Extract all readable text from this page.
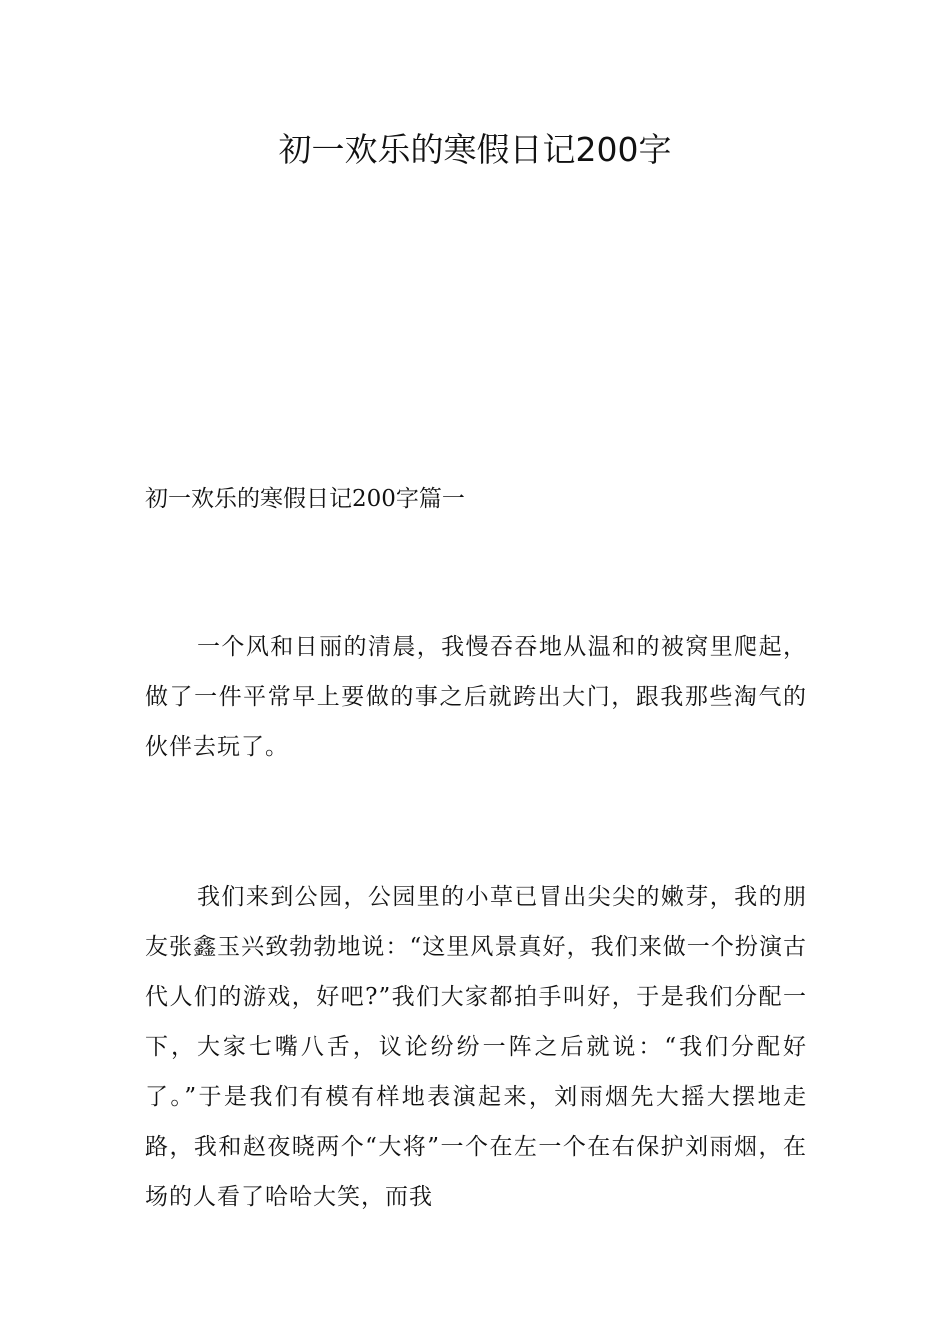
初一欢乐的寒假日记200字

初一欢乐的寒假日记200字篇一

一个风和日丽的清晨，我慢吞吞地从温和的被窝里爬起，做了一件平常早上要做的事之后就跨出大门，跟我那些淘气的伙伴去玩了。

我们来到公园，公园里的小草已冒出尖尖的嫩芽，我的朋友张鑫玉兴致勃勃地说：“这里风景真好，我们来做一个扮演古代人们的游戏，好吧?”我们大家都拍手叫好，于是我们分配一下，大家七嘴八舌，议论纷纷一阵之后就说：“我们分配好了。”于是我们有模有样地表演起来，刘雨烟先大摇大摆地走路，我和赵夜晓两个“大将”一个在左一个在右保护刘雨烟，在场的人看了哈哈大笑，而我
